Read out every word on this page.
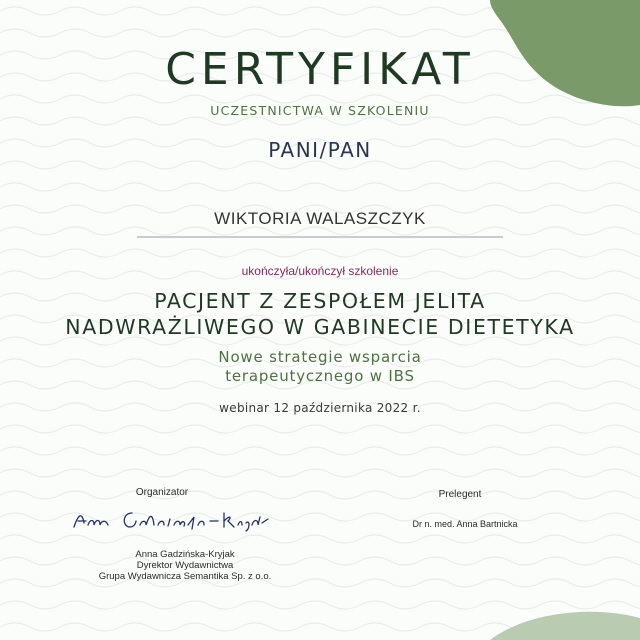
CERTYFIKAT
UCZESTNICTWA W SZKOLENIU
PANI/PAN
WIKTORIA WALASZCZYK
ukończyła/ukończył szkolenie
PACJENT Z ZESPOŁEM JELITA
NADWRAŻLIWEGO W GABINECIE DIETETYKA
Nowe strategie wsparcia
terapeutycznego w IBS
webinar 12 października 2022 r.
Organizator
Anna Gadzińska-Kryjak
Dyrektor Wydawnictwa
Grupa Wydawnicza Semantika Sp. z o.o.
Prelegent
Dr n. med. Anna Bartnicka
